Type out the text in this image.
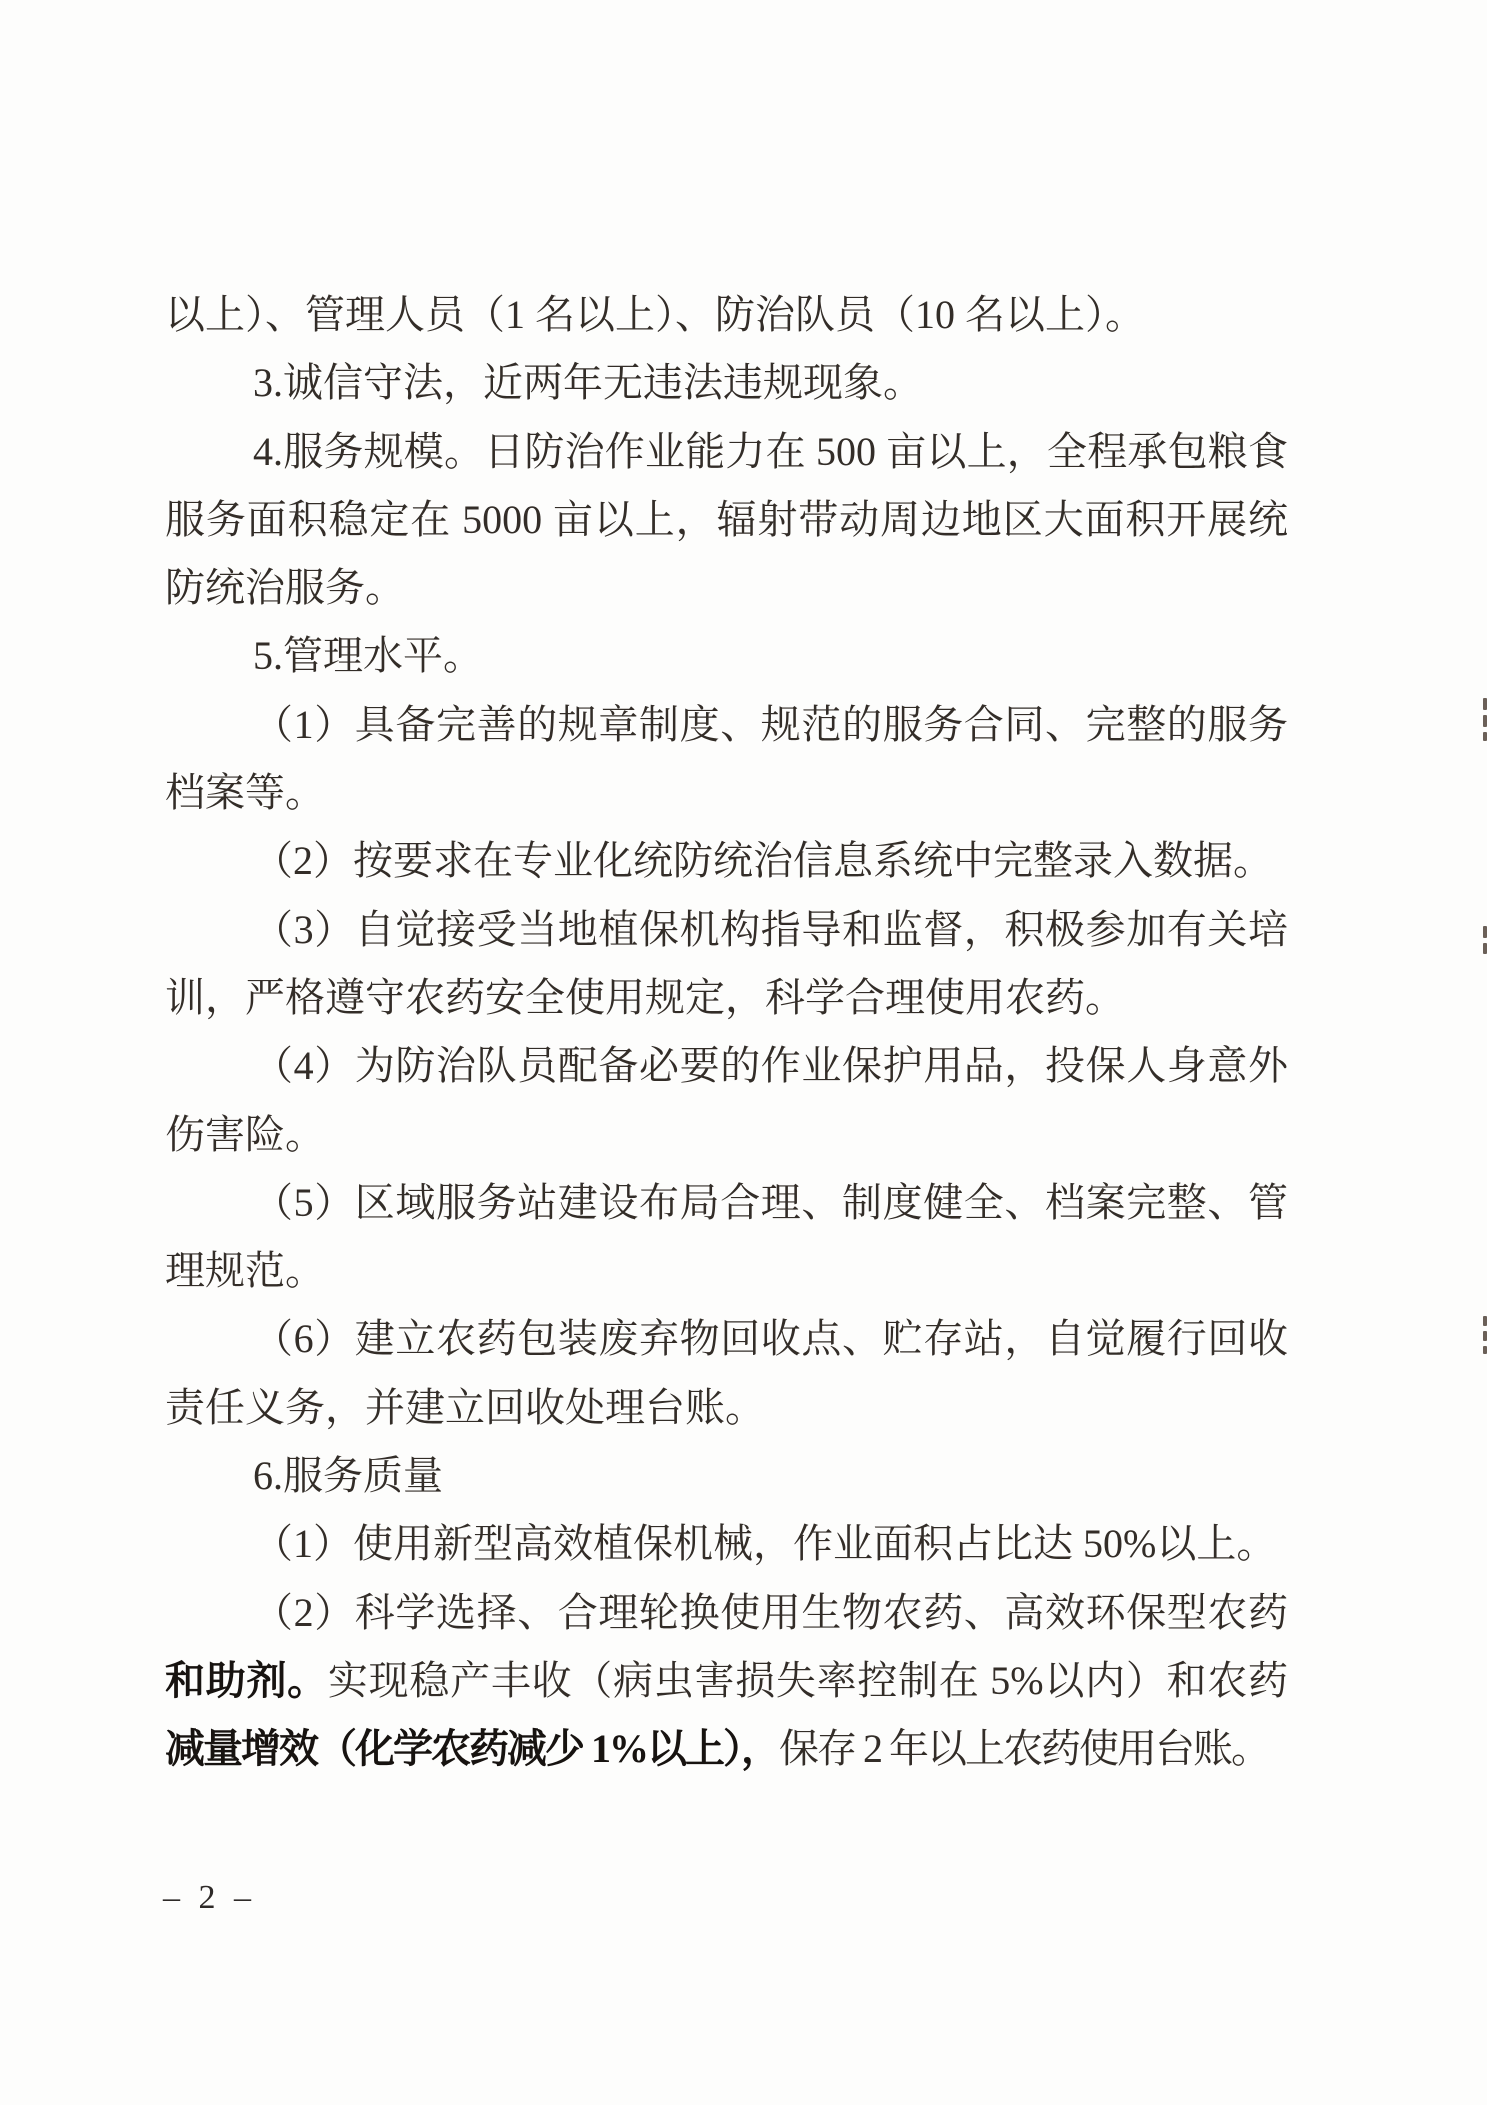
以上）、管理人员（1 名以上）、防治队员（10 名以上）。
3.诚信守法，近两年无违法违规现象。
4.服务规模。日防治作业能力在 500 亩以上，全程承包粮食
服务面积稳定在 5000 亩以上，辐射带动周边地区大面积开展统
防统治服务。
5.管理水平。
（1）具备完善的规章制度、规范的服务合同、完整的服务
档案等。
（2）按要求在专业化统防统治信息系统中完整录入数据。
（3）自觉接受当地植保机构指导和监督，积极参加有关培
训，严格遵守农药安全使用规定，科学合理使用农药。
（4）为防治队员配备必要的作业保护用品，投保人身意外
伤害险。
（5）区域服务站建设布局合理、制度健全、档案完整、管
理规范。
（6）建立农药包装废弃物回收点、贮存站，自觉履行回收
责任义务，并建立回收处理台账。
6.服务质量
（1）使用新型高效植保机械，作业面积占比达 50%以上。
（2）科学选择、合理轮换使用生物农药、高效环保型农药
和助剂。实现稳产丰收（病虫害损失率控制在 5%以内）和农药
减量增效（化学农药减少 1%以上），保存 2 年以上农药使用台账。
– 2 –
